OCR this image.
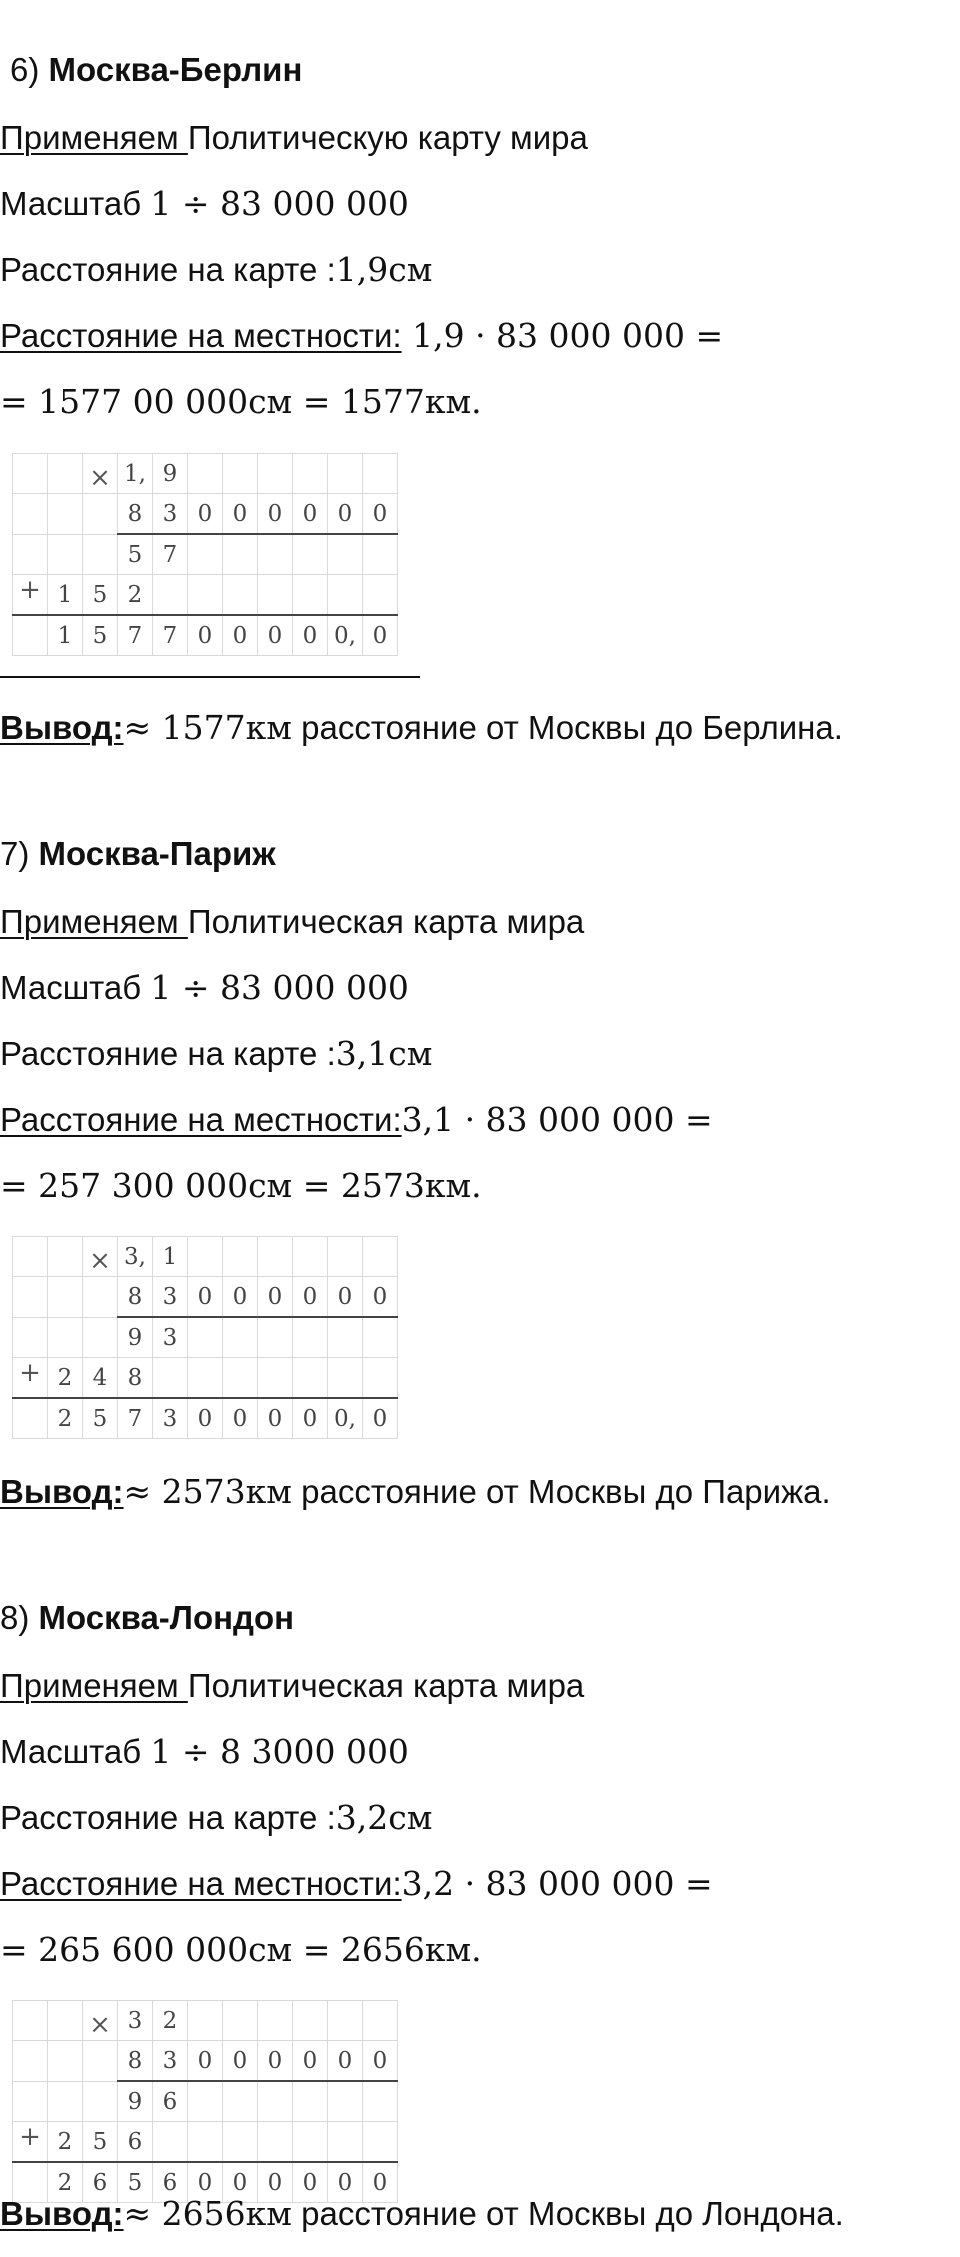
6) Москва-Берлин
Применяем Политическую карту мира
Масштаб 1 ÷ 83 000 000
Расстояние на карте :1,9см
Расстояние на местности: 1,9 · 83 000 000 =
= 1577 00 000см = 1577км.
		×	1,	9						
			8	3	0	0	0	0	0	0
			5	7						
+	1	5	2							
	1	5	7	7	0	0	0	0	0,	0
Вывод:≈ 1577км расстояние от Москвы до Берлина.
7) Москва-Париж
Применяем Политическая карта мира
Масштаб 1 ÷ 83 000 000
Расстояние на карте :3,1см
Расстояние на местности:3,1 · 83 000 000 =
= 257 300 000см = 2573км.
		×	3,	1						
			8	3	0	0	0	0	0	0
			9	3						
+	2	4	8							
	2	5	7	3	0	0	0	0	0,	0
Вывод:≈ 2573км расстояние от Москвы до Парижа.
8) Москва-Лондон
Применяем Политическая карта мира
Масштаб 1 ÷ 8 3000 000
Расстояние на карте :3,2см
Расстояние на местности:3,2 · 83 000 000 =
= 265 600 000см = 2656км.
		×	3	2						
			8	3	0	0	0	0	0	0
			9	6						
+	2	5	6							
	2	6	5	6	0	0	0	0	0	0
Вывод:≈ 2656км расстояние от Москвы до Лондона.
